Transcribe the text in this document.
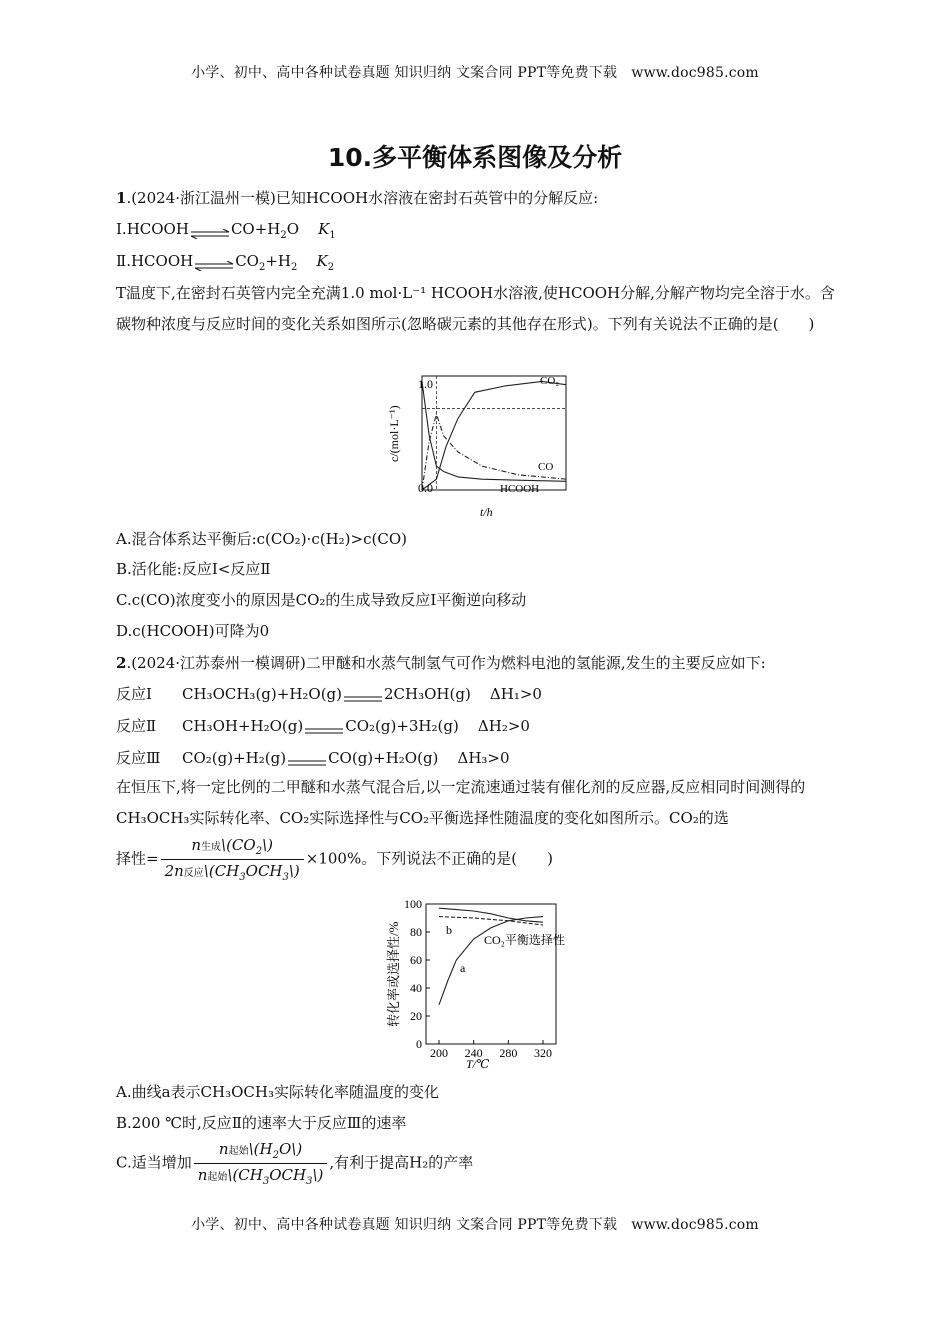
小学、初中、高中各种试卷真题 知识归纳 文案合同 PPT等免费下载　www.doc985.com
10.多平衡体系图像及分析
1.(2024·浙江温州一模)已知HCOOH水溶液在密封石英管中的分解反应:
$Ⅰ.HCOOH\rightleftharpoons CO+H_2O$ $K_1$
$Ⅱ.HCOOH\rightleftharpoons CO_2+H_2$ $K_2$
T温度下,在密封石英管内完全充满1.0 mol·L⁻¹ HCOOH水溶液,使HCOOH分解,分解产物均完全溶于水。含碳物种浓度与反应时间的变化关系如图所示(忽略碳元素的其他存在形式)。下列有关说法不正确的是(　　)
1.0
0.0
c/(mol·L⁻¹)
t/h
CO₂
CO
HCOOH
A.混合体系达平衡后:c(CO₂)·c(H₂)>c(CO)
B.活化能:反应Ⅰ<反应Ⅱ
C.c(CO)浓度变小的原因是CO₂的生成导致反应Ⅰ平衡逆向移动
D.c(HCOOH)可降为0
2.(2024·江苏泰州一模调研)二甲醚和水蒸气制氢气可作为燃料电池的氢能源,发生的主要反应如下:
反应Ⅰ CH₃OCH₃(g)+H₂O(g)	2CH₃OH(g) ΔH₁>0
反应Ⅱ CH₃OH+H₂O(g)	CO₂(g)+3H₂(g) ΔH₂>0
反应Ⅲ CO₂(g)+H₂(g)	CO(g)+H₂O(g) ΔH₃>0
在恒压下,将一定比例的二甲醚和水蒸气混合后,以一定流速通过装有催化剂的反应器,反应相同时间测得的CH₃OCH₃实际转化率、CO₂实际选择性与CO₂平衡选择性随温度的变化如图所示。CO₂的选
择性= $\frac{n生成\backslash(CO_2\backslash)}{2n反应\backslash(CH_3OCH_3\backslash)} \times 100\%$。下列说法不正确的是(　　)
0
20
40
60
80
100
200 240 280 320
转化率或选择性/%
T/℃
b
a
CO₂平衡选择性
A.曲线a表示CH₃OCH₃实际转化率随温度的变化
B.200 ℃时,反应Ⅱ的速率大于反应Ⅲ的速率
C.适当增加 $\frac{n起始\backslash(H_2O\backslash)}{n起始\backslash(CH_3OCH_3\backslash)}$ ,有利于提高H₂的产率
小学、初中、高中各种试卷真题 知识归纳 文案合同 PPT等免费下载　www.doc985.com
